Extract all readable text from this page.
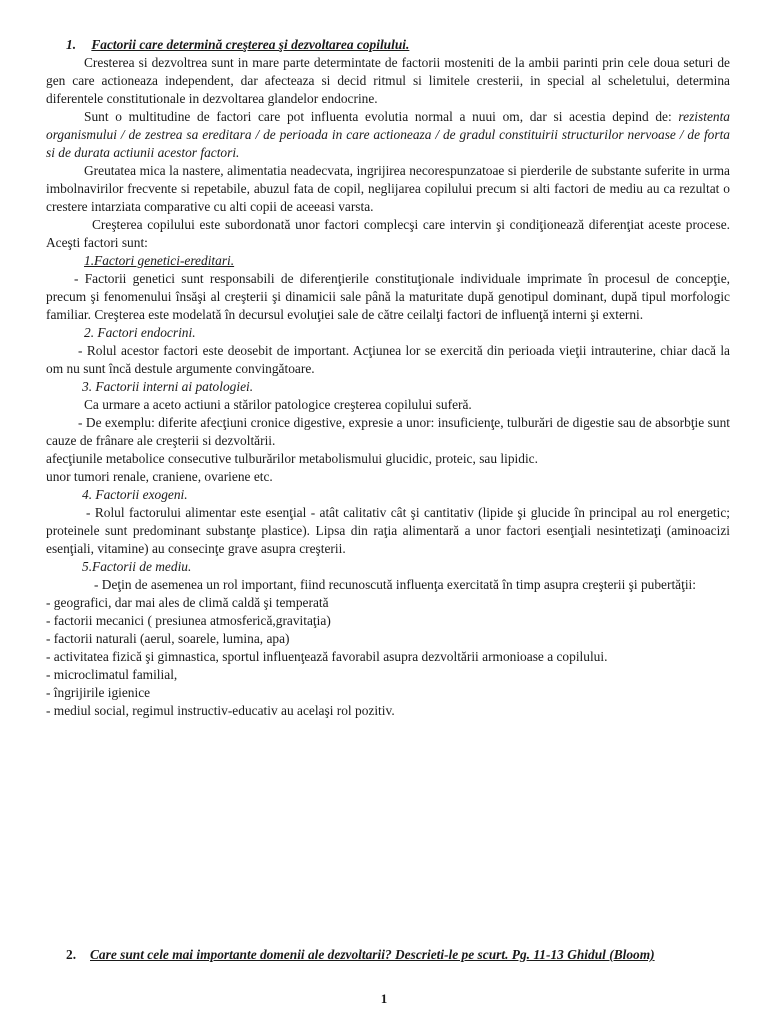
1. Factorii care determină creşterea şi dezvoltarea copilului.

Cresterea si dezvoltrea sunt in mare parte determintate de factorii mosteniti de la ambii parinti prin cele doua seturi de gen care actioneaza independent, dar afecteaza si decid ritmul si limitele cresterii, in special al scheletului, determina diferentele constitutionale in dezvoltarea glandelor endocrine.

Sunt o multitudine de factori care pot influenta evolutia normal a nuui om, dar si acestia depind de: rezistenta organismului / de zestrea sa ereditara / de perioada in care actioneaza / de gradul constituirii structurilor nervoase / de forta si de durata actiunii acestor factori.

Greutatea mica la nastere, alimentatia neadecvata, ingrijirea necorespunzatoae si pierderile de substante suferite in urma imbolnavirilor frecvente si repetabile, abuzul fata de copil, neglijarea copilului precum si alti factori de mediu au ca rezultat o crestere intarziata comparative cu alti copii de aceeasi varsta.

Creşterea copilului este subordonată unor factori complecşi care intervin şi condiţionează diferenţiat aceste procese. Aceşti factori sunt:

1.Factori genetici-ereditari.

- Factorii genetici sunt responsabili de diferenţierile constituţionale individuale imprimate în procesul de concepţie, precum şi fenomenului însăşi al creşterii şi dinamicii sale până la maturitate după genotipul dominant, după tipul morfologic familiar. Creşterea este modelată în decursul evoluţiei sale de către ceilalţi factori de influenţă interni şi externi.

2. Factori endocrini.

- Rolul acestor factori este deosebit de important. Acţiunea lor se exercită din perioada vieţii intrauterine, chiar dacă la om nu sunt încă destule argumente convingătoare.

3. Factorii interni ai patologiei.

Ca urmare a aceto actiuni a stărilor patologice creşterea copilului suferă.

- De exemplu: diferite afecţiuni cronice digestive, expresie a unor: insuficienţe, tulburări de digestie sau de absorbţie sunt cauze de frânare ale creşterii si dezvoltării.

afecţiunile metabolice consecutive tulburărilor metabolismului glucidic, proteic, sau lipidic.

unor tumori renale, craniene, ovariene etc.

4. Factorii exogeni.

- Rolul factorului alimentar este esenţial - atât calitativ cât şi cantitativ (lipide şi glucide în principal au rol energetic; proteinele sunt predominant substanţe plastice). Lipsa din raţia alimentară a unor factori esenţiali nesintetizaţi (aminoacizi esenţiali, vitamine) au consecinţe grave asupra creşterii.

5.Factorii de mediu.

- Deţin de asemenea un rol important, fiind recunoscută influenţa exercitată în timp asupra creşterii şi pubertăţii:

- geografici, dar mai ales de climă caldă şi temperată

- factorii mecanici ( presiunea atmosferică,gravitaţia)

- factorii naturali (aerul, soarele, lumina, apa)

- activitatea fizică şi gimnastica, sportul influenţează favorabil asupra dezvoltării armonioase a copilului.

- microclimatul familial,

- îngrijirile igienice

- mediul social, regimul instructiv-educativ au acelaşi rol pozitiv.

2.	Care sunt cele mai importante domenii ale dezvoltarii? Descrieti-le pe scurt. Pg. 11-13 Ghidul (Bloom)
1
